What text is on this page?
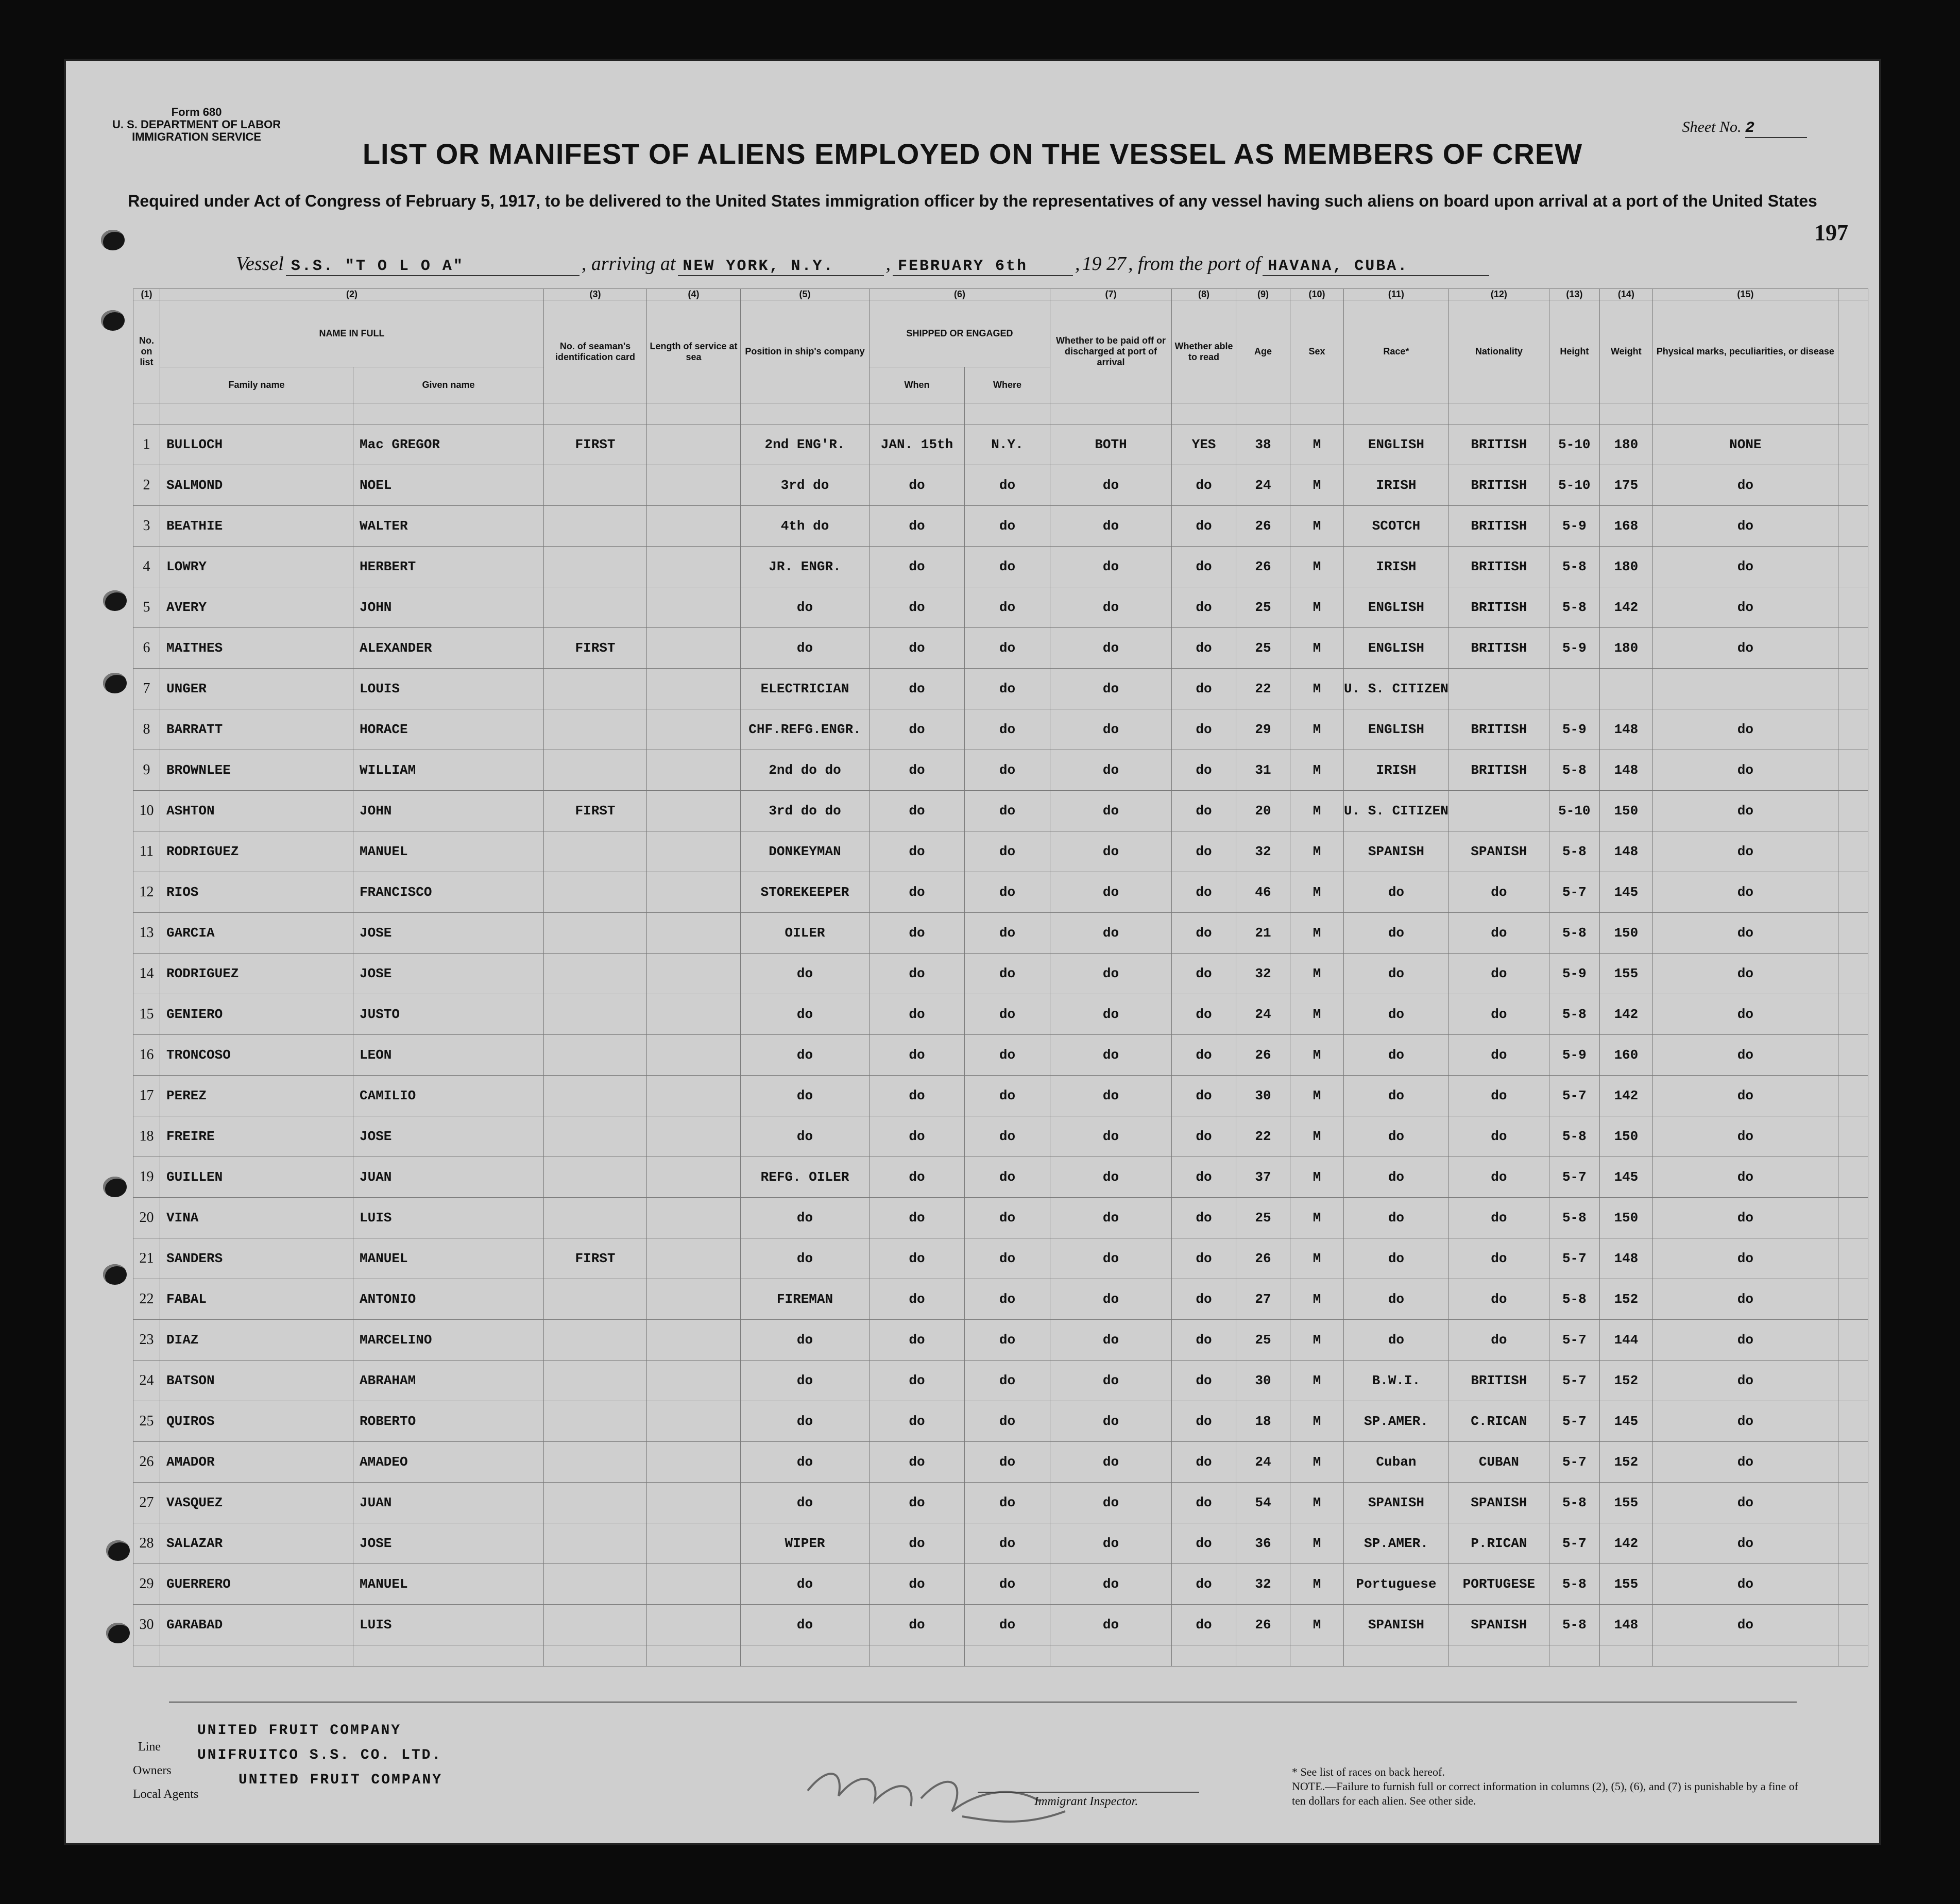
Form 680
U. S. DEPARTMENT OF LABOR
IMMIGRATION SERVICE
Sheet No. 2
LIST OR MANIFEST OF ALIENS EMPLOYED ON THE VESSEL AS MEMBERS OF CREW
Required under Act of Congress of February 5, 1917, to be delivered to the United States immigration officer by the representatives of any vessel having such aliens on board upon arrival at a port of the United States
197
Vessel S.S. "T O L O A"	, arriving at NEW YORK, N.Y.	, FEBRUARY 6th , 19 27 , from the port of HAVANA, CUBA.
(1)	(2)		(3)	(4)	(5)	(6)		(7)	(8)	(9)	(10)	(11)	(12)	(13)	(14)	(15)	
No. on list	NAME IN FULL		No. of seaman's identification card	Length of service at sea	Position in ship's company	SHIPPED OR ENGAGED		Whether to be paid off or discharged at port of arrival	Whether able to read	Age	Sex	Race*	Nationality	Height	Weight	Physical marks, peculiarities, or disease	
	Family name	Given name				When	Where										

1	BULLOCH	Mac GREGOR	FIRST		2nd ENG'R.	JAN. 15th	N.Y.	BOTH	YES	38	M	ENGLISH	BRITISH	5-10	180	NONE	
2	SALMOND	NOEL			3rd do	do	do	do	do	24	M	IRISH	BRITISH	5-10	175	do	
3	BEATHIE	WALTER			4th do	do	do	do	do	26	M	SCOTCH	BRITISH	5-9	168	do	
4	LOWRY	HERBERT			JR. ENGR.	do	do	do	do	26	M	IRISH	BRITISH	5-8	180	do	
5	AVERY	JOHN			do	do	do	do	do	25	M	ENGLISH	BRITISH	5-8	142	do	
6	MAITHES	ALEXANDER	FIRST		do	do	do	do	do	25	M	ENGLISH	BRITISH	5-9	180	do	
7	UNGER	LOUIS			ELECTRICIAN	do	do	do	do	22	M	U. S. CITIZEN					
8	BARRATT	HORACE			CHF.REFG.ENGR.	do	do	do	do	29	M	ENGLISH	BRITISH	5-9	148	do	
9	BROWNLEE	WILLIAM			2nd do do	do	do	do	do	31	M	IRISH	BRITISH	5-8	148	do	
10	ASHTON	JOHN	FIRST		3rd do do	do	do	do	do	20	M	U. S. CITIZEN		5-10	150	do	
11	RODRIGUEZ	MANUEL			DONKEYMAN	do	do	do	do	32	M	SPANISH	SPANISH	5-8	148	do	
12	RIOS	FRANCISCO			STOREKEEPER	do	do	do	do	46	M	do	do	5-7	145	do	
13	GARCIA	JOSE			OILER	do	do	do	do	21	M	do	do	5-8	150	do	
14	RODRIGUEZ	JOSE			do	do	do	do	do	32	M	do	do	5-9	155	do	
15	GENIERO	JUSTO			do	do	do	do	do	24	M	do	do	5-8	142	do	
16	TRONCOSO	LEON			do	do	do	do	do	26	M	do	do	5-9	160	do	
17	PEREZ	CAMILIO			do	do	do	do	do	30	M	do	do	5-7	142	do	
18	FREIRE	JOSE			do	do	do	do	do	22	M	do	do	5-8	150	do	
19	GUILLEN	JUAN			REFG. OILER	do	do	do	do	37	M	do	do	5-7	145	do	
20	VINA	LUIS			do	do	do	do	do	25	M	do	do	5-8	150	do	
21	SANDERS	MANUEL	FIRST		do	do	do	do	do	26	M	do	do	5-7	148	do	
22	FABAL	ANTONIO			FIREMAN	do	do	do	do	27	M	do	do	5-8	152	do	
23	DIAZ	MARCELINO			do	do	do	do	do	25	M	do	do	5-7	144	do	
24	BATSON	ABRAHAM			do	do	do	do	do	30	M	B.W.I.	BRITISH	5-7	152	do	
25	QUIROS	ROBERTO			do	do	do	do	do	18	M	SP.AMER.	C.RICAN	5-7	145	do	
26	AMADOR	AMADEO			do	do	do	do	do	24	M	Cuban	CUBAN	5-7	152	do	
27	VASQUEZ	JUAN			do	do	do	do	do	54	M	SPANISH	SPANISH	5-8	155	do	
28	SALAZAR	JOSE			WIPER	do	do	do	do	36	M	SP.AMER.	P.RICAN	5-7	142	do	
29	GUERRERO	MANUEL			do	do	do	do	do	32	M	Portuguese	PORTUGESE	5-8	155	do	
30	GARABAD	LUIS			do	do	do	do	do	26	M	SPANISH	SPANISH	5-8	148	do	

Line
Owners
Local Agents
UNITED FRUIT COMPANY
UNIFRUITCO S.S. CO. LTD.
UNITED FRUIT COMPANY
Immigrant Inspector.
* See list of races on back hereof.
NOTE.—Failure to furnish full or correct information in columns (2), (5), (6), and (7) is punishable by a fine of ten dollars for each alien. See other side.
